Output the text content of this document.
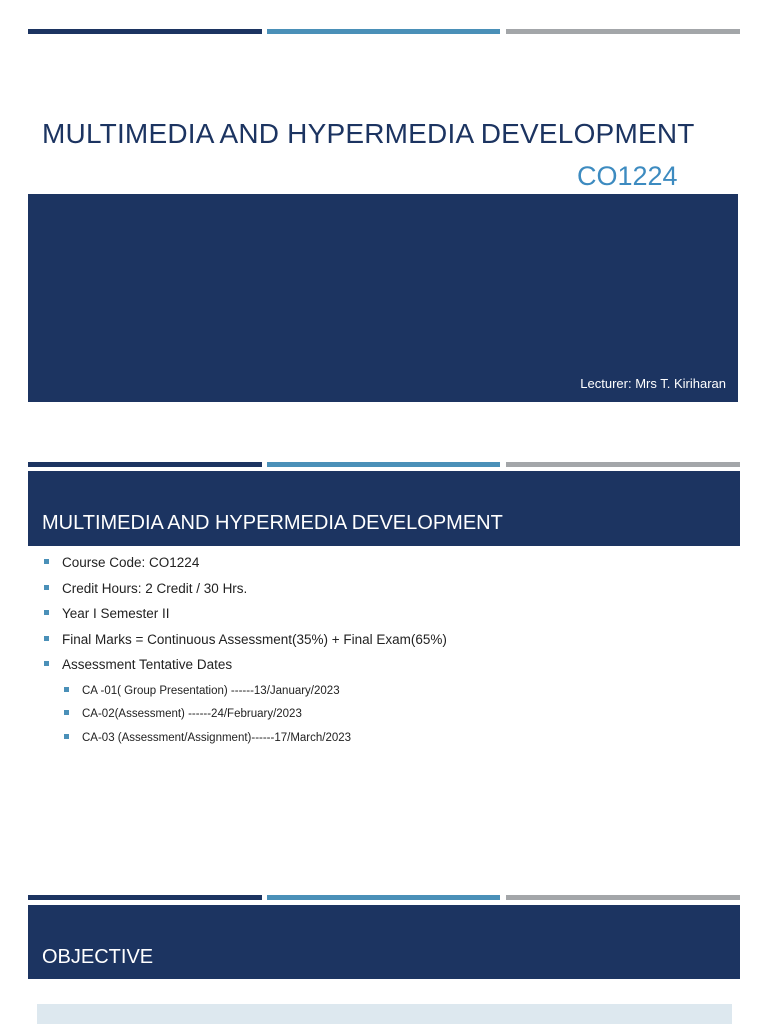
MULTIMEDIA AND HYPERMEDIA DEVELOPMENT
CO1224
Lecturer: Mrs T. Kiriharan
MULTIMEDIA AND HYPERMEDIA DEVELOPMENT
Course Code: CO1224
Credit Hours: 2 Credit / 30 Hrs.
Year I Semester II
Final Marks = Continuous Assessment(35%) + Final Exam(65%)
Assessment Tentative Dates
CA -01( Group Presentation) ------13/January/2023
CA-02(Assessment) ------24/February/2023
CA-03 (Assessment/Assignment)------17/March/2023
OBJECTIVE
